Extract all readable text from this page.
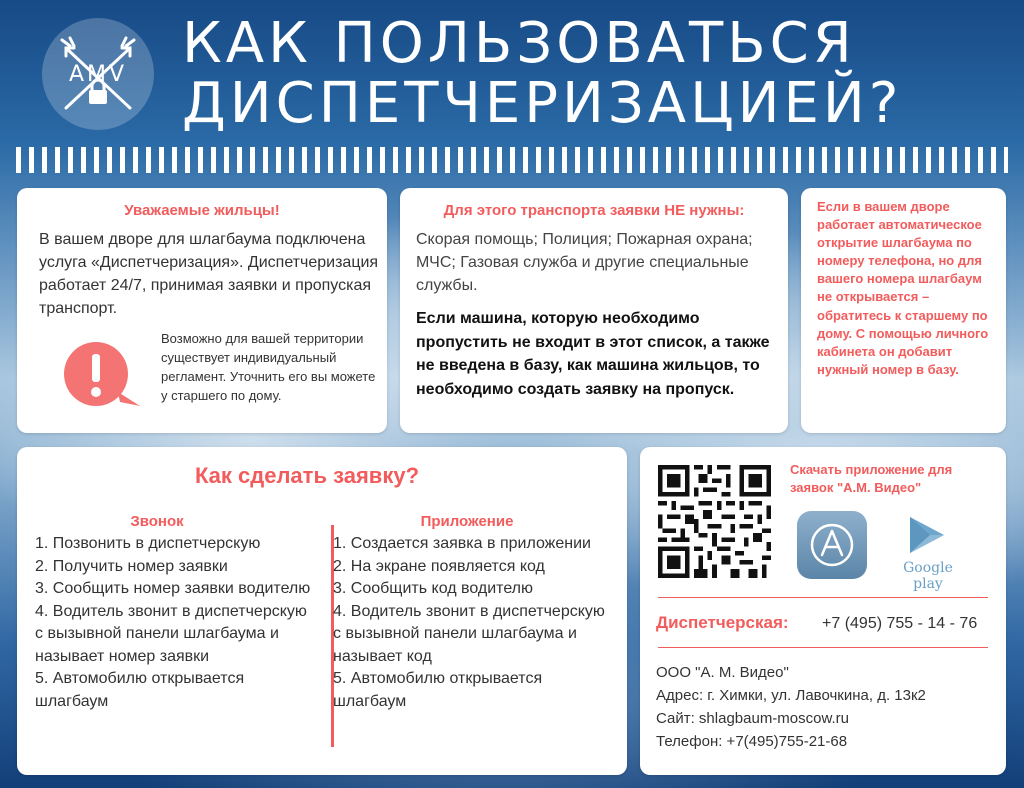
AMV КАК ПОЛЬЗОВАТЬСЯ
ДИСПЕТЧЕРИЗАЦИЕЙ?
Уважаемые жильцы!
В вашем дворе для шлагбаума подключена услуга «Диспетчеризация». Диспетчеризация работает 24/7, принимая заявки и пропуская транспорт.
Возможно для вашей территории существует индивидуальный регламент. Уточнить его вы можете у старшего по дому.
Для этого транспорта заявки НЕ нужны:
Скорая помощь; Полиция; Пожарная охрана; МЧС; Газовая служба и другие специальные службы.
Если машина, которую необходимо пропустить не входит в этот список, а также не введена в базу, как машина жильцов, то необходимо создать заявку на пропуск.
Если в вашем дворе работает автоматическое открытие шлагбаума по номеру телефона, но для вашего номера шлагбаум не открывается – обратитесь к старшему по дому. С помощью личного кабинета он добавит нужный номер в базу.
Как сделать заявку?
Звонок
1. Позвонить в диспетчерскую
2. Получить номер заявки
3. Сообщить номер заявки водителю
4. Водитель звонит в диспетчерскую с вызывной панели шлагбаума и называет номер заявки
5. Автомобилю открывается шлагбаум
Приложение
1. Создается заявка в приложении
2. На экране появляется код
3. Сообщить код водителю
4. Водитель звонит в диспетчерскую с вызывной панели шлагбаума и называет код
5. Автомобилю открывается шлагбаум
Скачать приложение для заявок "А.М. Видео"
Google play
Диспетчерская: +7 (495) 755 - 14 - 76
ООО "А. М. Видео"
Адрес: г. Химки, ул. Лавочкина, д. 13к2
Сайт: shlagbaum-moscow.ru
Телефон: +7(495)755-21-68
